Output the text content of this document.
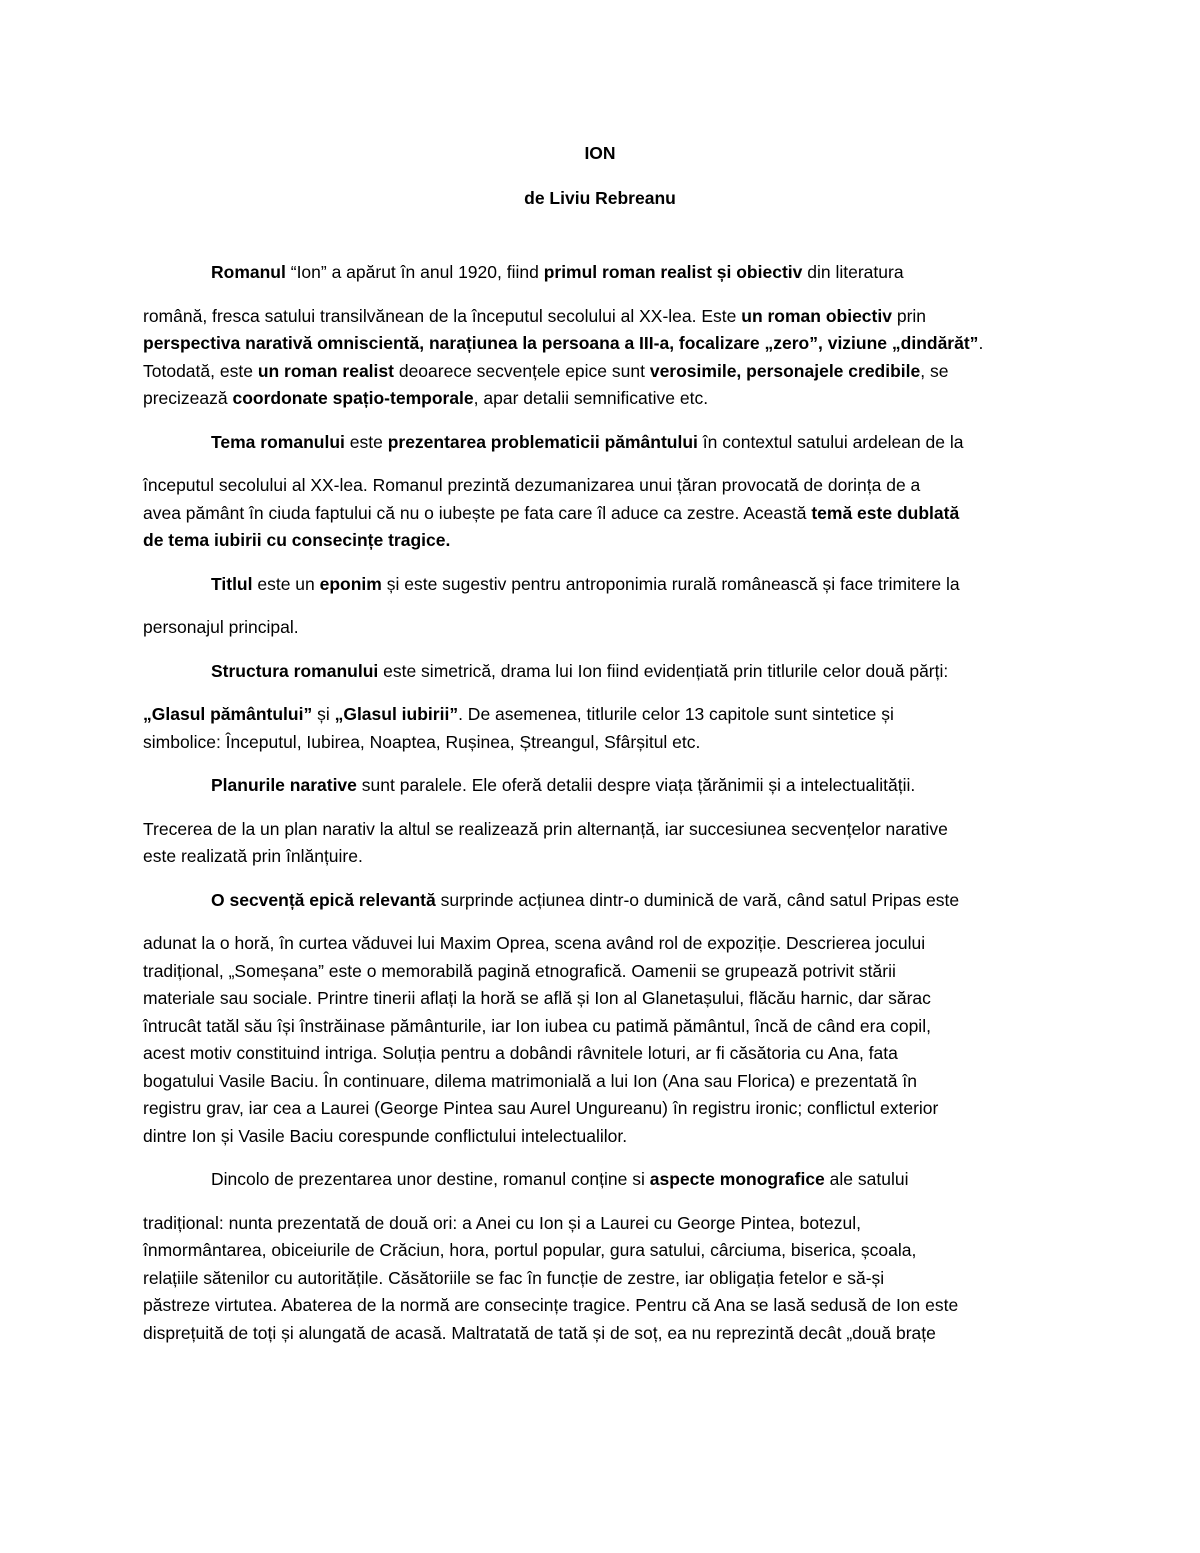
ION

de Liviu Rebreanu

Romanul “Ion” a apărut în anul 1920, fiind primul roman realist și obiectiv din literatura

română, fresca satului transilvănean de la începutul secolului al XX-lea. Este un roman obiectiv prin
perspectiva narativă omniscientă, narațiunea la persoana a III-a, focalizare „zero”, viziune „dindărăt”.
Totodată, este un roman realist deoarece secvențele epice sunt verosimile, personajele credibile, se
precizează coordonate spațio-temporale, apar detalii semnificative etc.

Tema romanului este prezentarea problematicii pământului în contextul satului ardelean de la

începutul secolului al XX-lea. Romanul prezintă dezumanizarea unui țăran provocată de dorința de a
avea pământ în ciuda faptului că nu o iubește pe fata care îl aduce ca zestre. Această temă este dublată
de tema iubirii cu consecințe tragice.

Titlul este un eponim și este sugestiv pentru antroponimia rurală românească și face trimitere la

personajul principal.

Structura romanului este simetrică, drama lui Ion fiind evidențiată prin titlurile celor două părți:

„Glasul pământului” și „Glasul iubirii”. De asemenea, titlurile celor 13 capitole sunt sintetice și
simbolice: Începutul, Iubirea, Noaptea, Rușinea, Ștreangul, Sfârșitul etc.

Planurile narative sunt paralele. Ele oferă detalii despre viața țărănimii și a intelectualității.

Trecerea de la un plan narativ la altul se realizează prin alternanță, iar succesiunea secvențelor narative
este realizată prin înlănțuire.

O secvență epică relevantă surprinde acțiunea dintr-o duminică de vară, când satul Pripas este

adunat la o horă, în curtea văduvei lui Maxim Oprea, scena având rol de expoziție. Descrierea jocului
tradițional, „Someșana” este o memorabilă pagină etnografică. Oamenii se grupează potrivit stării
materiale sau sociale. Printre tinerii aflați la horă se află și Ion al Glanetașului, flăcău harnic, dar sărac
întrucât tatăl său își înstrăinase pământurile, iar Ion iubea cu patimă pământul, încă de când era copil,
acest motiv constituind intriga. Soluția pentru a dobândi râvnitele loturi, ar fi căsătoria cu Ana, fata
bogatului Vasile Baciu. În continuare, dilema matrimonială a lui Ion (Ana sau Florica) e prezentată în
registru grav, iar cea a Laurei (George Pintea sau Aurel Ungureanu) în registru ironic; conflictul exterior
dintre Ion și Vasile Baciu corespunde conflictului intelectualilor.

Dincolo de prezentarea unor destine, romanul conține si aspecte monografice ale satului

tradițional: nunta prezentată de două ori: a Anei cu Ion și a Laurei cu George Pintea, botezul,
înmormântarea, obiceiurile de Crăciun, hora, portul popular, gura satului, cârciuma, biserica, școala,
relațiile sătenilor cu autoritățile. Căsătoriile se fac în funcție de zestre, iar obligația fetelor e să-și
păstreze virtutea. Abaterea de la normă are consecințe tragice. Pentru că Ana se lasă sedusă de Ion este
disprețuită de toți și alungată de acasă. Maltratată de tată și de soț, ea nu reprezintă decât „două brațe
